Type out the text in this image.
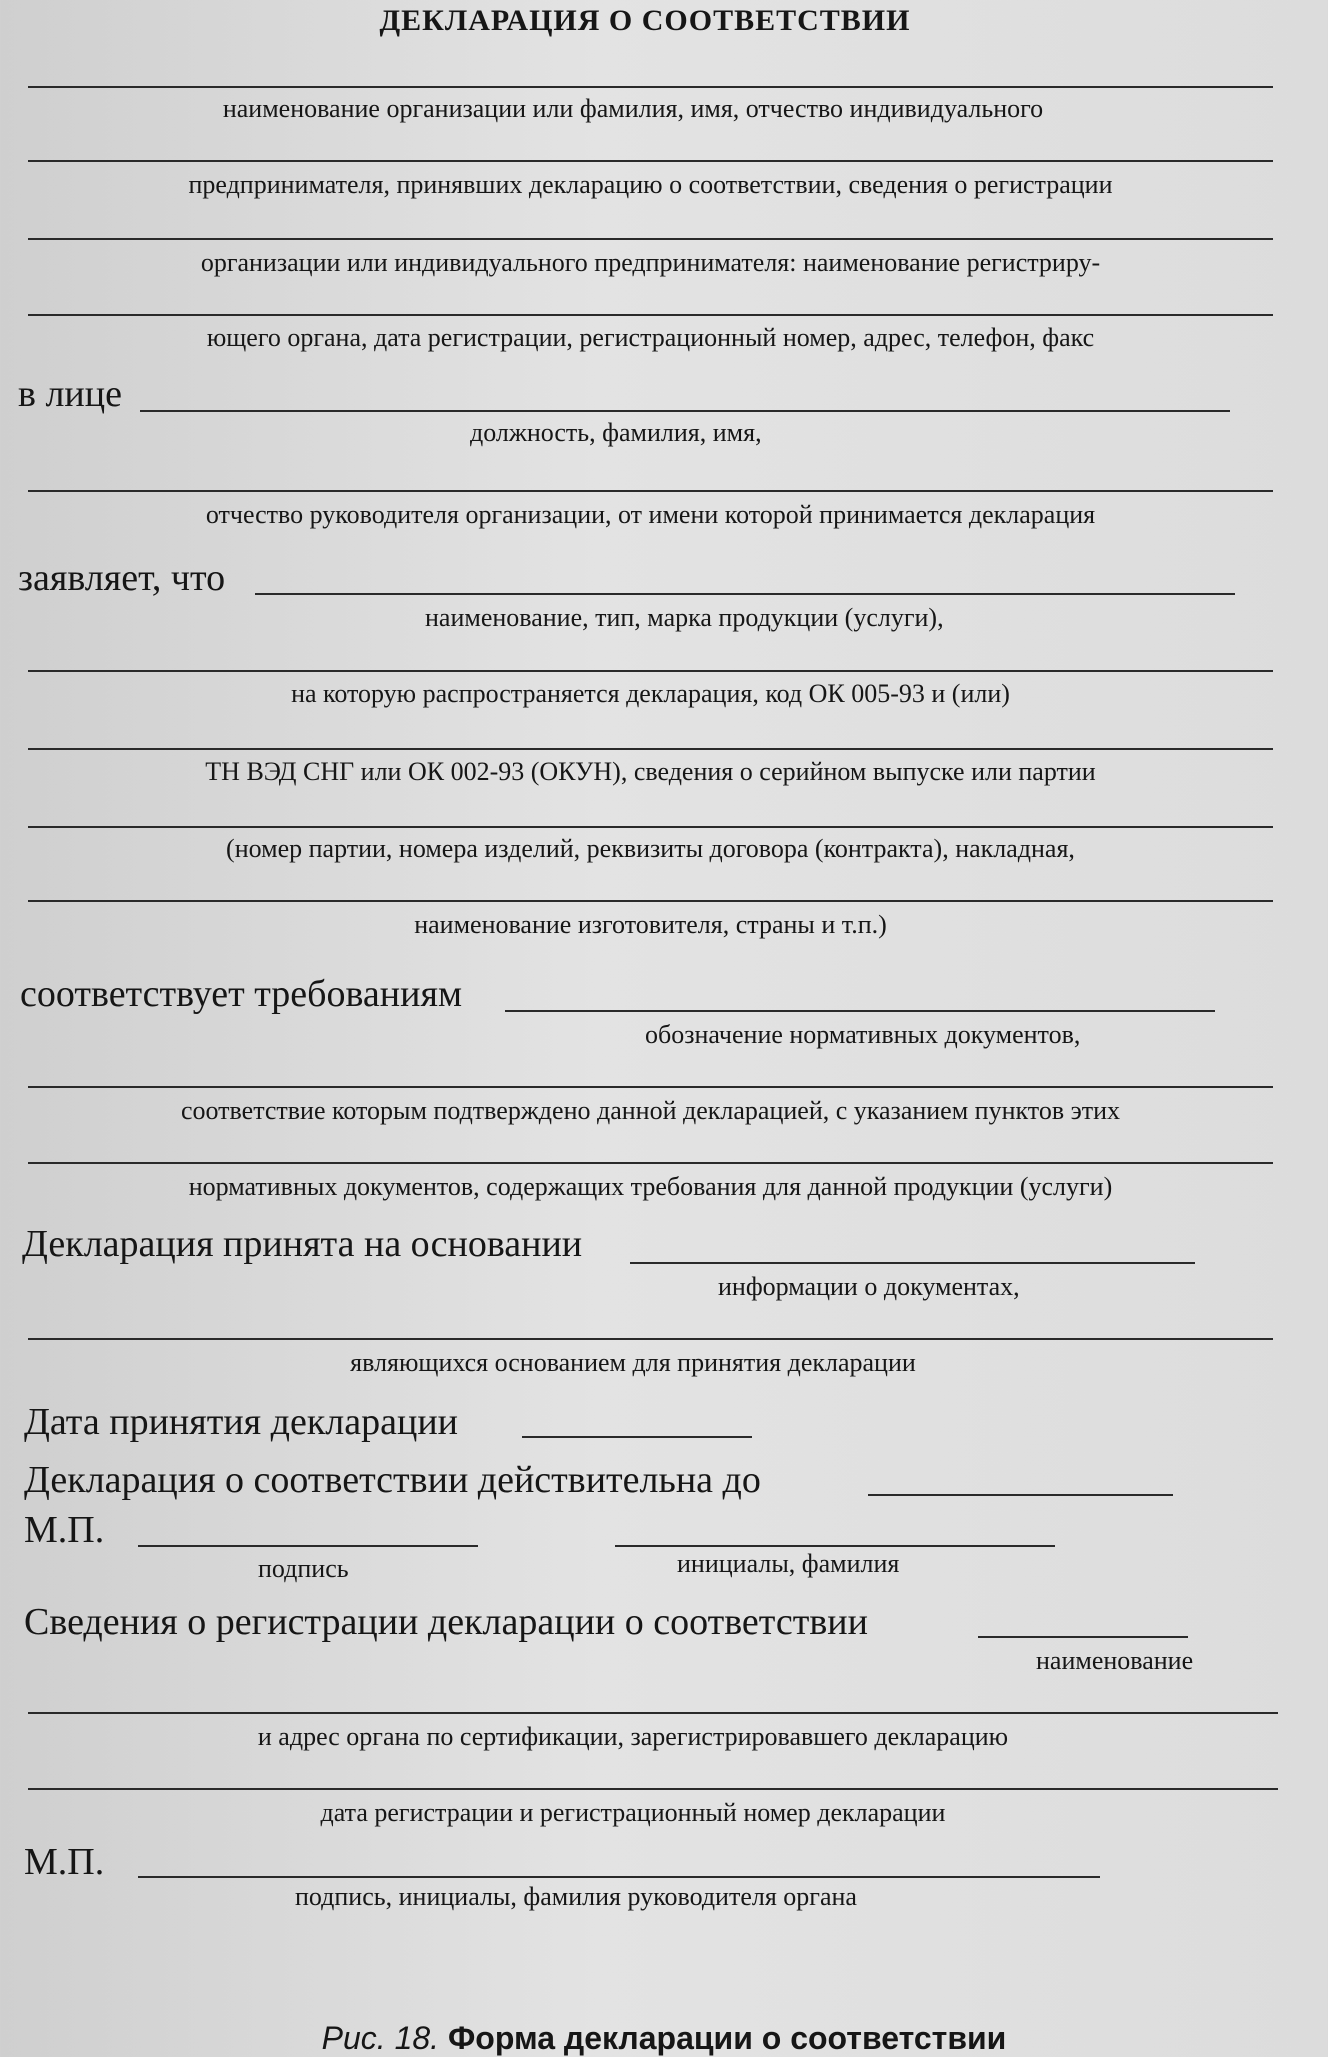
ДЕКЛАРАЦИЯ О СООТВЕТСТВИИ
наименование организации или фамилия, имя, отчество индивидуального
предпринимателя, принявших декларацию о соответствии, сведения о регистрации
организации или индивидуального предпринимателя: наименование регистриру-
ющего органа, дата регистрации, регистрационный номер, адрес, телефон, факс
в лице
должность, фамилия, имя,
отчество руководителя организации, от имени которой принимается декларация
заявляет, что
наименование, тип, марка продукции (услуги),
на которую распространяется декларация, код ОК 005-93 и (или)
ТН ВЭД СНГ или ОК 002-93 (ОКУН), сведения о серийном выпуске или партии
(номер партии, номера изделий, реквизиты договора (контракта), накладная,
наименование изготовителя, страны и т.п.)
соответствует требованиям
обозначение нормативных документов,
соответствие которым подтверждено данной декларацией, с указанием пунктов этих
нормативных документов, содержащих требования для данной продукции (услуги)
Декларация принята на основании
информации о документах,
являющихся основанием для принятия декларации
Дата принятия декларации
Декларация о соответствии действительна до
М.П.
подпись	инициалы, фамилия
Сведения о регистрации декларации о соответствии
наименование
и адрес органа по сертификации, зарегистрировавшего декларацию
дата регистрации и регистрационный номер декларации
М.П.
подпись, инициалы, фамилия руководителя органа
Рис. 18. Форма декларации о соответствии
